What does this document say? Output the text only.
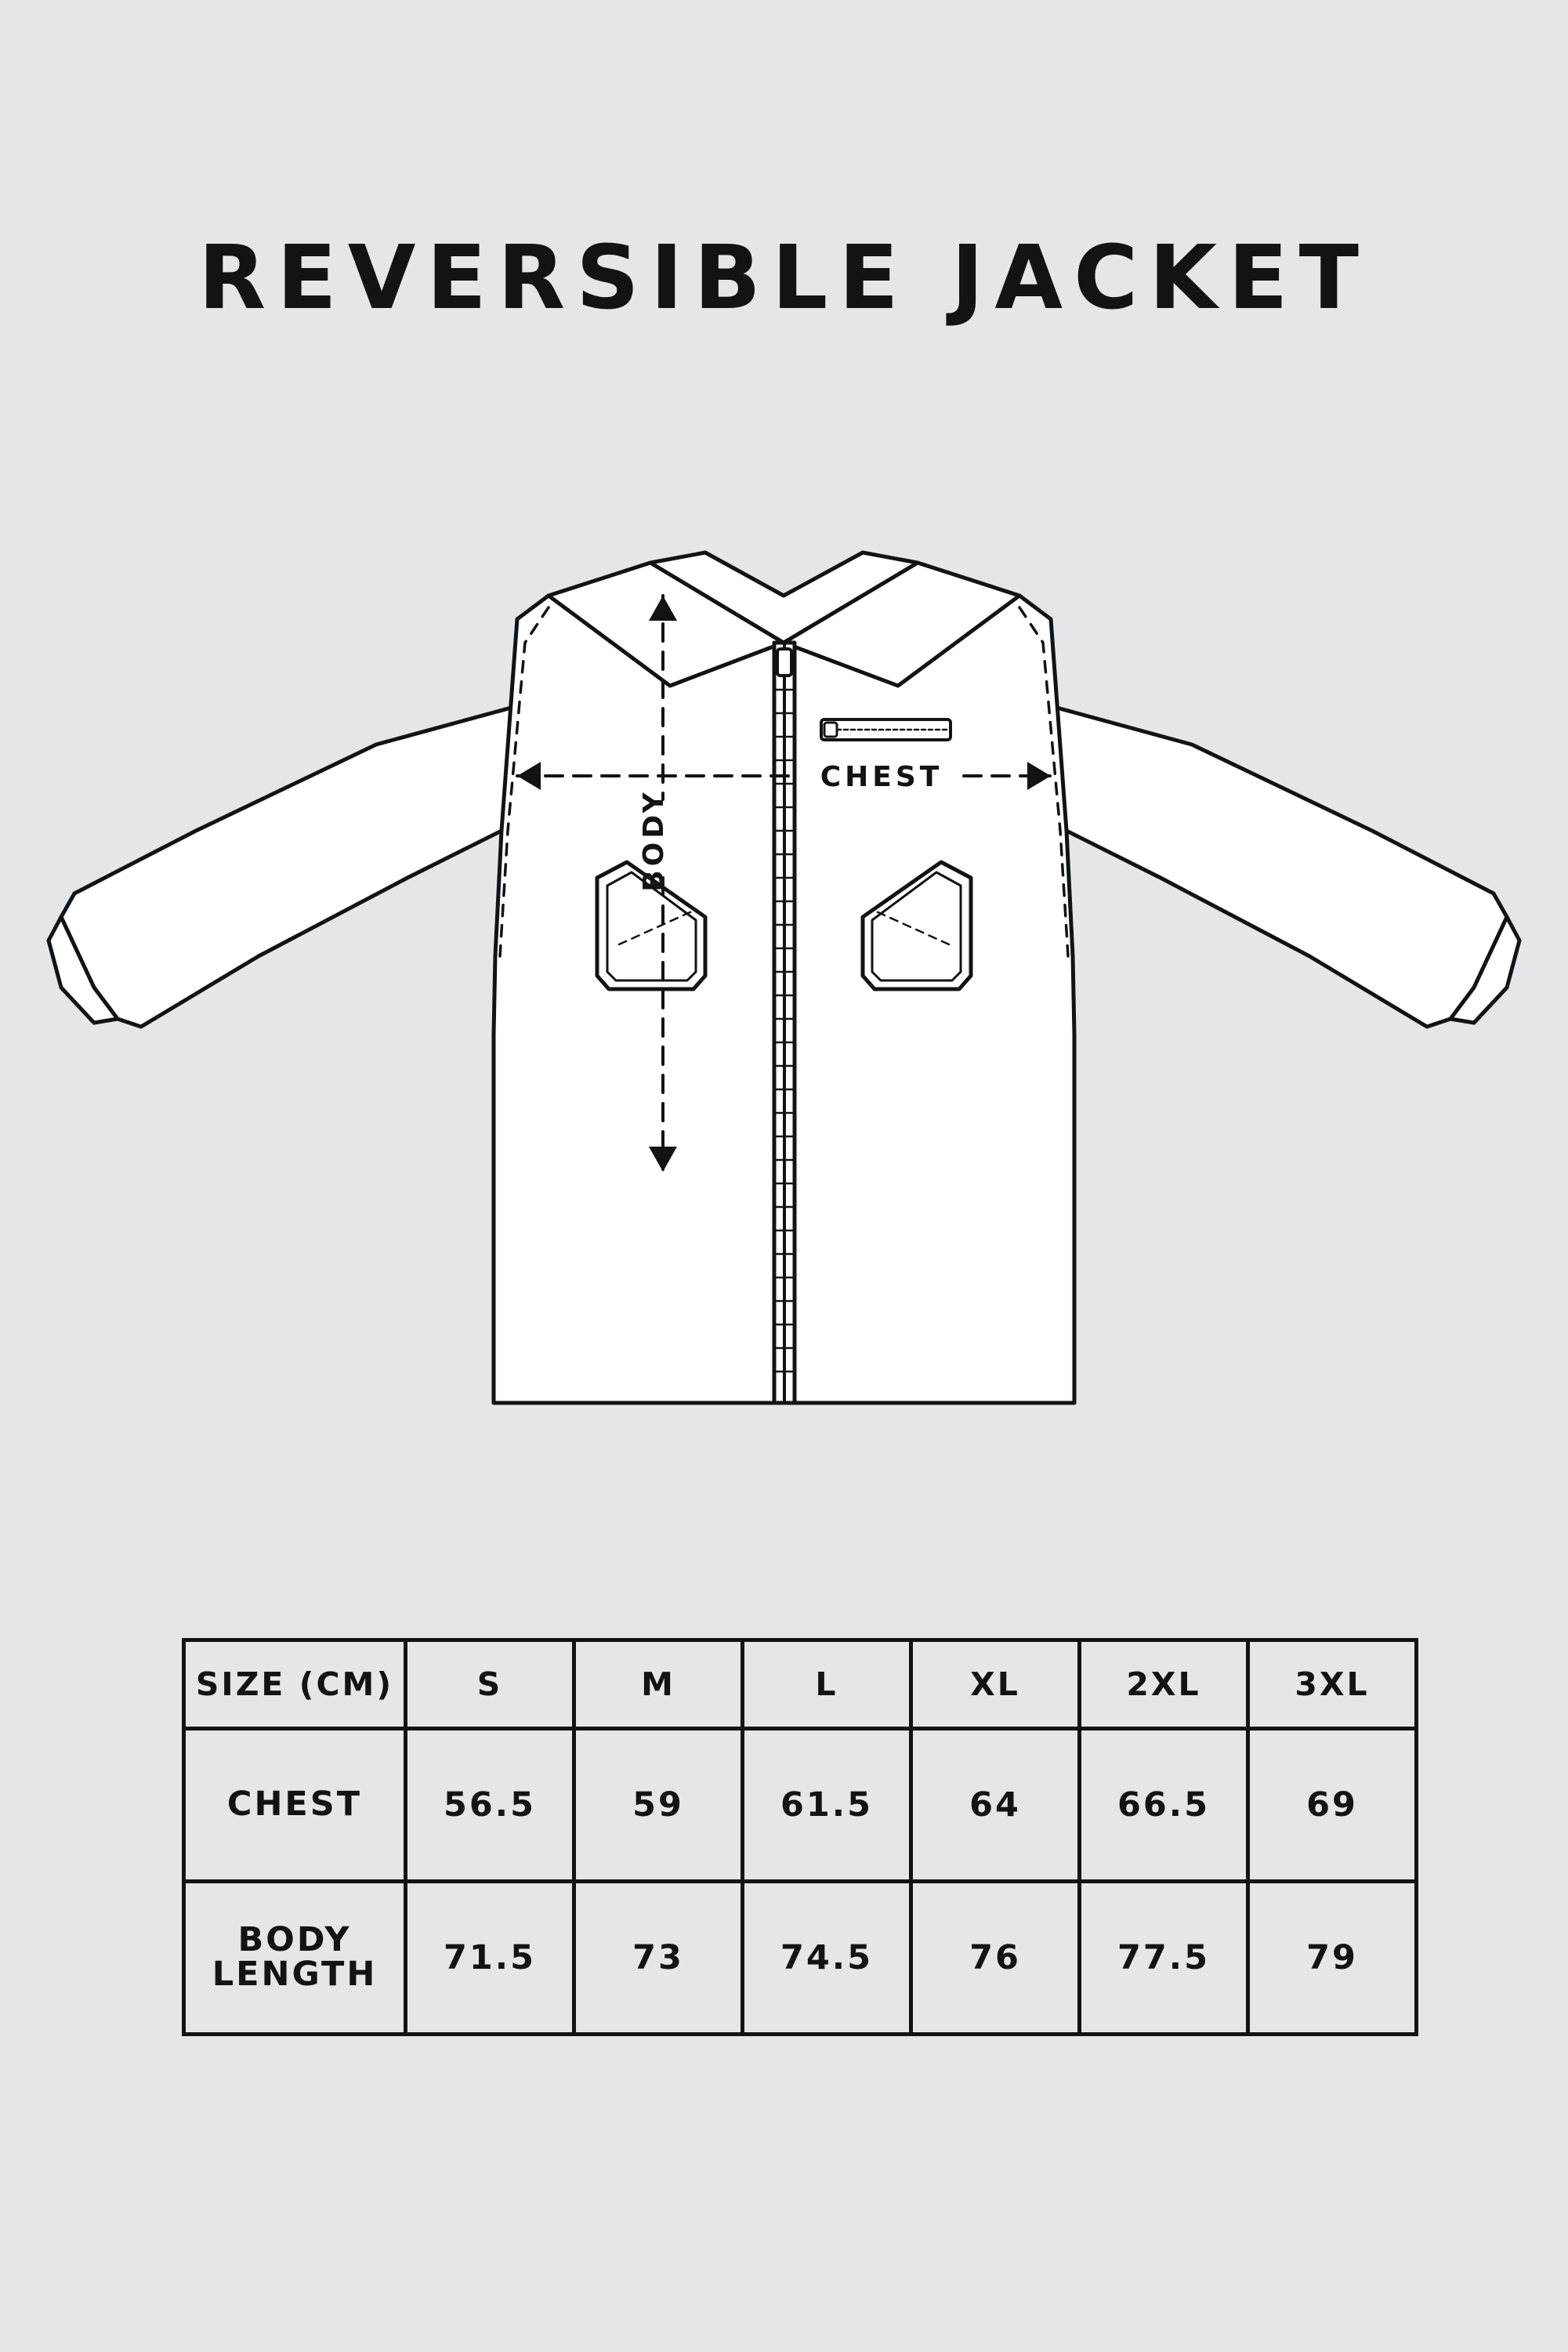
REVERSIBLE JACKET
CHEST
BODY
SIZE (CM)	S	M	L	XL	2XL	3XL
CHEST	56.5	59	61.5	64	66.5	69
BODY
LENGTH	71.5	73	74.5	76	77.5	79
